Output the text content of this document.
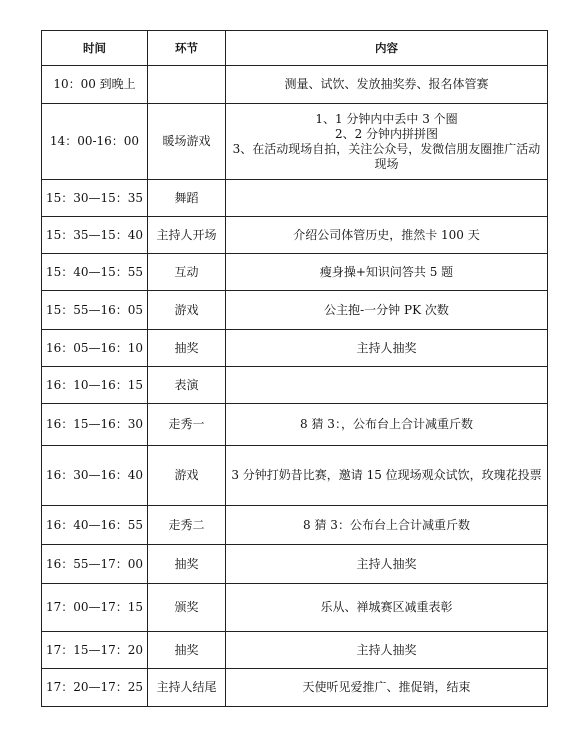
时间	环节	内容
10：00 到晚上		测量、试饮、发放抽奖券、报名体管赛

14：00-16：00	暖场游戏	1、1 分钟内中丢中 3 个圈
2、2 分钟内拼拼图
3、在活动现场自拍，关注公众号，发微信朋友圈推广活动现场

15：30—15：35	舞蹈	

15：35—15：40	主持人开场	介绍公司体管历史，推然卡 100 天

15：40—15：55	互动	瘦身操+知识问答共 5 题

15：55—16：05	游戏	公主抱-一分钟 PK 次数

16：05—16：10	抽奖	主持人抽奖

16：10—16：15	表演	

16：15—16：30	走秀一	8 猜 3：，公布台上合计减重斤数

16：30—16：40	游戏	3 分钟打奶昔比赛，邀请 15 位现场观众试饮，玫瑰花投票

16：40—16：55	走秀二	8 猜 3：公布台上合计减重斤数

16：55—17：00	抽奖	主持人抽奖

17：00—17：15	颁奖	乐从、禅城赛区减重表彰

17：15—17：20	抽奖	主持人抽奖

17：20—17：25	主持人结尾	天使听见爱推广、推促销，结束
